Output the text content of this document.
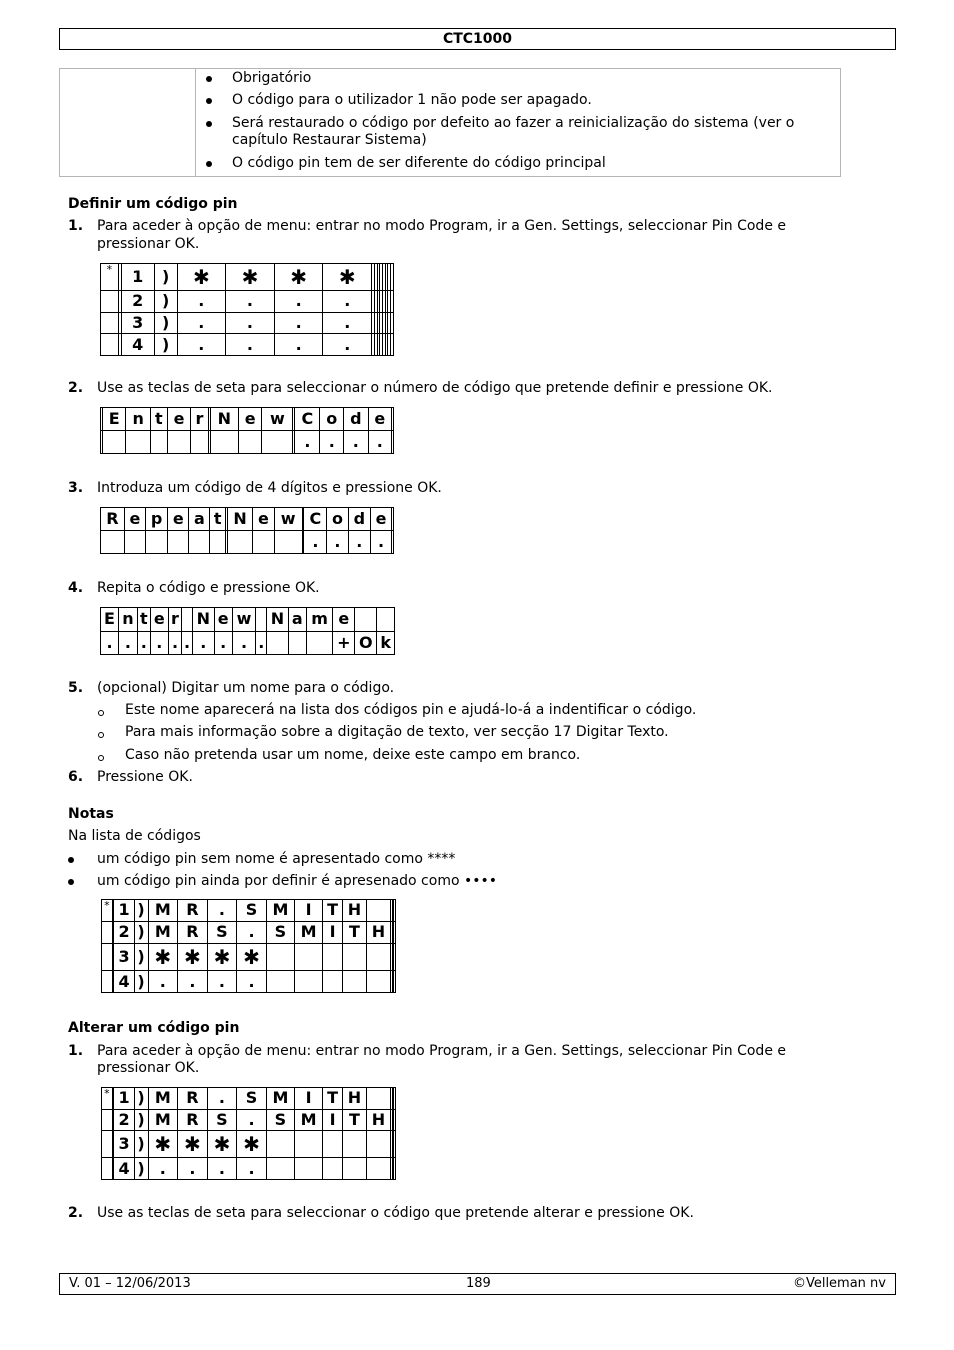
CTC1000
Obrigatório
O código para o utilizador 1 não pode ser apagado.
Será restaurado o código por defeito ao fazer a reinicialização do sistema (ver o
capítulo Restaurar Sistema)
O código pin tem de ser diferente do código principal
Definir um código pin
1. Para aceder à opção de menu: entrar no modo Program, ir a Gen. Settings, seleccionar Pin Code e
pressionar OK.
*		1	)	✱	✱	✱	✱								
		2	)	.	.	.	.								
		3	)	.	.	.	.								
		4	)	.	.	.	.								
2. Use as teclas de seta para seleccionar o número de código que pretende definir e pressione OK.
	E	n	t	e	r		N	e	w		C	o	d	e	
											.	.	.	.	
3. Introduza um código de 4 dígitos e pressione OK.
R	e	p	e	a	t		N	e	w		C	o	d	e	
											.	.	.	.	
4. Repita o código e pressione OK.
E	n	t	e	r		N	e	w		N	a	m	e		
.	.	.	.	.	.	.	.	.	.				+	O	k
5. (opcional) Digitar um nome para o código.
Este nome aparecerá na lista dos códigos pin e ajudá-lo-á a indentificar o código.
Para mais informação sobre a digitação de texto, ver secção 17 Digitar Texto.
Caso não pretenda usar um nome, deixe este campo em branco.
6. Pressione OK.
Notas
Na lista de códigos
um código pin sem nome é apresentado como ****
um código pin ainda por definir é apresenado como ••••
*		1	)	M	R	.	S	M	I	T	H				
		2	)	M	R	S	.	S	M	I	T	H			
		3	)	✱	✱	✱	✱								
		4	)	.	.	.	.								
Alterar um código pin
1. Para aceder à opção de menu: entrar no modo Program, ir a Gen. Settings, seleccionar Pin Code e
pressionar OK.
*		1	)	M	R	.	S	M	I	T	H				
		2	)	M	R	S	.	S	M	I	T	H			
		3	)	✱	✱	✱	✱								
		4	)	.	.	.	.								
2. Use as teclas de seta para seleccionar o código que pretende alterar e pressione OK.
V. 01 – 12/06/2013	189	©Velleman nv
